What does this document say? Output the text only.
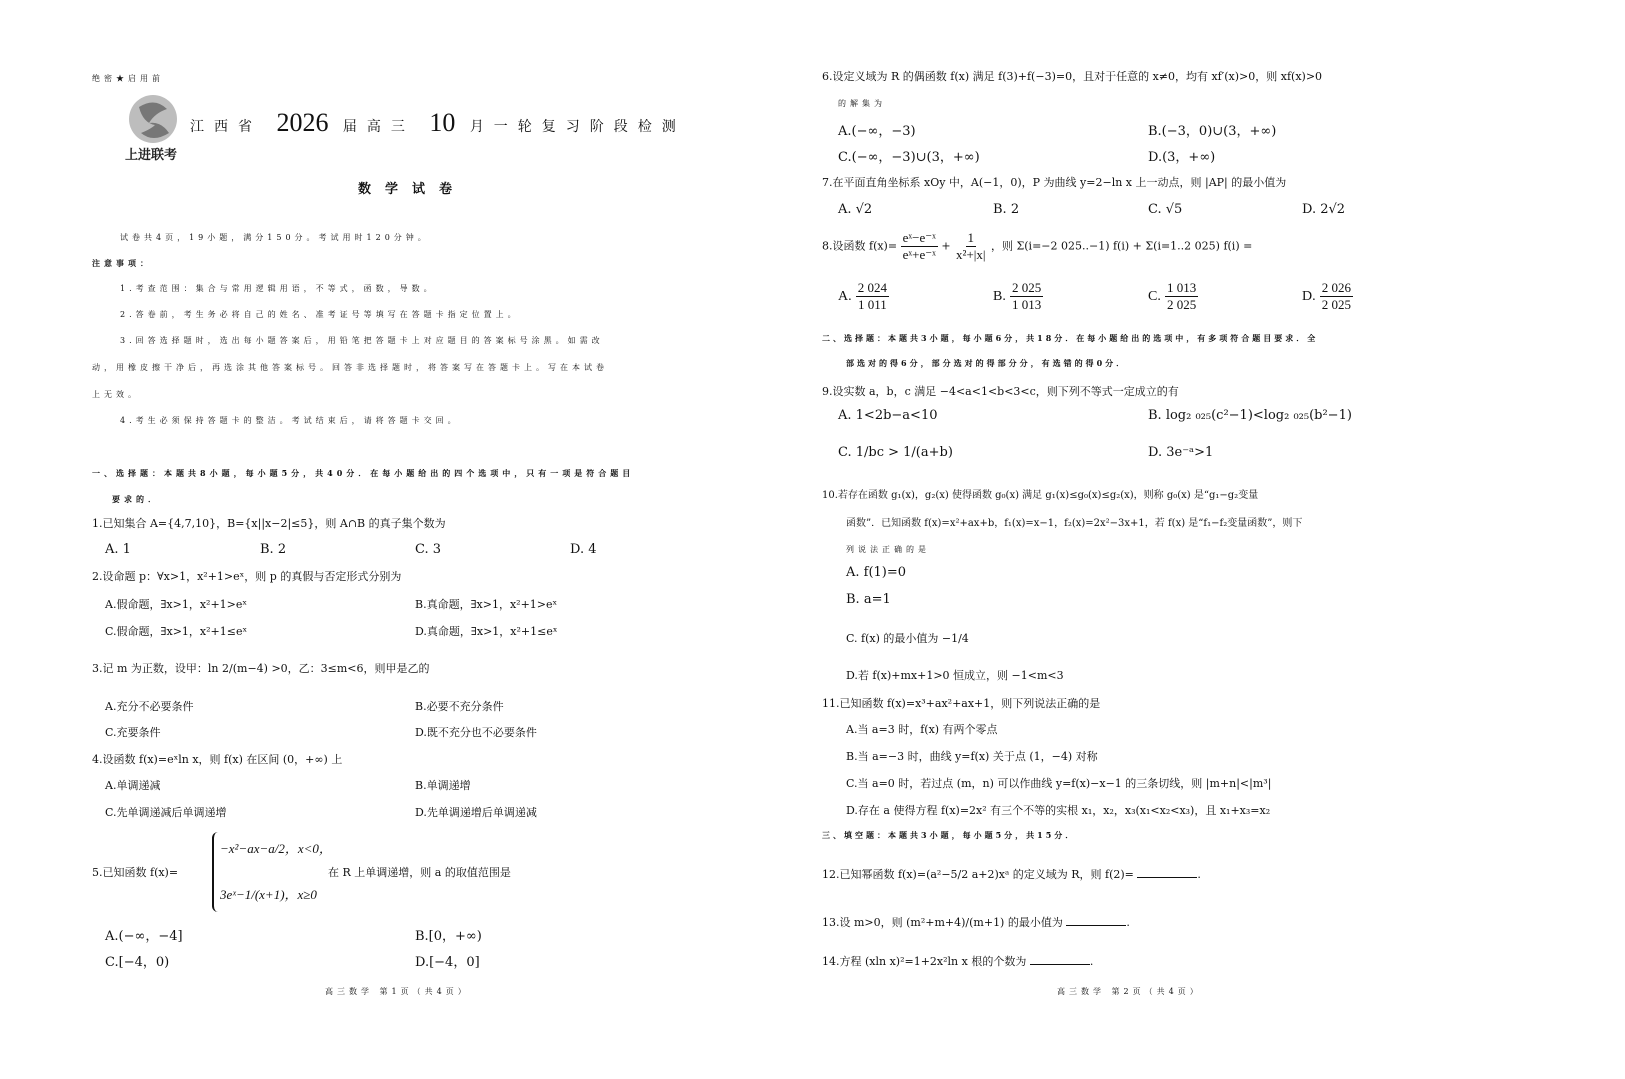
绝密★启用前
上进联考
江西省 2026 届高三 10 月一轮复习阶段检测
数学试卷
试卷共4页，19小题，满分150分。考试用时120分钟。
注意事项：
1.考查范围：集合与常用逻辑用语，不等式，函数，导数。
2.答卷前，考生务必将自己的姓名、准考证号等填写在答题卡指定位置上。
3.回答选择题时，选出每小题答案后，用铅笔把答题卡上对应题目的答案标号涂黑。如需改
动，用橡皮擦干净后，再选涂其他答案标号。回答非选择题时，将答案写在答题卡上。写在本试卷
上无效。
4.考生必须保持答题卡的整洁。考试结束后，请将答题卡交回。
一、选择题：本题共8小题，每小题5分，共40分．在每小题给出的四个选项中，只有一项是符合题目
要求的．
1.已知集合 A={4,7,10}，B={x||x−2|≤5}，则 A∩B 的真子集个数为
A. 1	B. 2	C. 3	D. 4
2.设命题 p：∀x>1，x²+1>eˣ，则 p 的真假与否定形式分别为
A.假命题，∃x>1，x²+1>eˣ	B.真命题，∃x>1，x²+1>eˣ
C.假命题，∃x>1，x²+1≤eˣ	D.真命题，∃x>1，x²+1≤eˣ
3.记 m 为正数，设甲：ln 2/(m−4) >0，乙：3≤m<6，则甲是乙的
A.充分不必要条件	B.必要不充分条件
C.充要条件	D.既不充分也不必要条件
4.设函数 f(x)=eˣln x，则 f(x) 在区间 (0，+∞) 上
A.单调递减	B.单调递增
C.先单调递减后单调递增	D.先单调递增后单调递减
5.已知函数 f(x)=
−x²−ax−a/2，x<0，
3eˣ−1/(x+1)，x≥0
在 R 上单调递增，则 a 的取值范围是
A.(−∞，−4]	B.[0，+∞)
C.[−4，0)	D.[−4，0]
高三数学 第1页（共4页）
6.设定义域为 R 的偶函数 f(x) 满足 f(3)+f(−3)=0，且对于任意的 x≠0，均有 xf′(x)>0，则 xf(x)>0
的解集为
A.(−∞，−3)	B.(−3，0)∪(3，+∞)
C.(−∞，−3)∪(3，+∞)	D.(3，+∞)
7.在平面直角坐标系 xOy 中，A(−1，0)，P 为曲线 y=2−ln x 上一动点，则 |AP| 的最小值为
A. √2	B. 2	C. √5	D. 2√2
8.设函数 $f(x)= \frac{\text{eˣ−e⁻ˣ}}{\text{eˣ+e⁻ˣ}} + \frac{1}{\text{x²+|x|}}$ ，则 Σ(i=−2 025..−1) f(i) + Σ(i=1..2 025) f(i) =
A. $\frac{2 024}{1 011}$	B. $\frac{2 025}{1 013}$	C. $\frac{1 013}{2 025}$	D. $\frac{2 026}{2 025}$
二、选择题：本题共3小题，每小题6分，共18分．在每小题给出的选项中，有多项符合题目要求．全
部选对的得6分，部分选对的得部分分，有选错的得0分．
9.设实数 a，b，c 满足 −4<a<1<b<3<c，则下列不等式一定成立的有
A. 1<2b−a<10	B. log₂ ₀₂₅(c²−1)<log₂ ₀₂₅(b²−1)
C. 1/bc > 1/(a+b)	D. 3e⁻ᵃ>1
10.若存在函数 g₁(x)，g₂(x) 使得函数 g₀(x) 满足 g₁(x)≤g₀(x)≤g₂(x)，则称 g₀(x) 是“g₁−g₂变量
函数”．已知函数 f(x)=x²+ax+b，f₁(x)=x−1，f₂(x)=2x²−3x+1，若 f(x) 是“f₁−f₂变量函数”，则下
列说法正确的是
A. f(1)=0
B. a=1
C. f(x) 的最小值为 −1/4
D.若 f(x)+mx+1>0 恒成立，则 −1<m<3
11.已知函数 f(x)=x³+ax²+ax+1，则下列说法正确的是
A.当 a=3 时，f(x) 有两个零点
B.当 a=−3 时，曲线 y=f(x) 关于点 (1，−4) 对称
C.当 a=0 时，若过点 (m，n) 可以作曲线 y=f(x)−x−1 的三条切线，则 |m+n|<|m³|
D.存在 a 使得方程 f(x)=2x² 有三个不等的实根 x₁，x₂，x₃(x₁<x₂<x₃)，且 x₁+x₃=x₂
三、填空题：本题共3小题，每小题5分，共15分．
12.已知幂函数 f(x)=(a²−5/2 a+2)xᵃ 的定义域为 R，则 f(2)=	.
13.设 m>0，则 (m²+m+4)/(m+1) 的最小值为	.
14.方程 (xln x)²=1+2x²ln x 根的个数为	.
高三数学 第2页（共4页）
